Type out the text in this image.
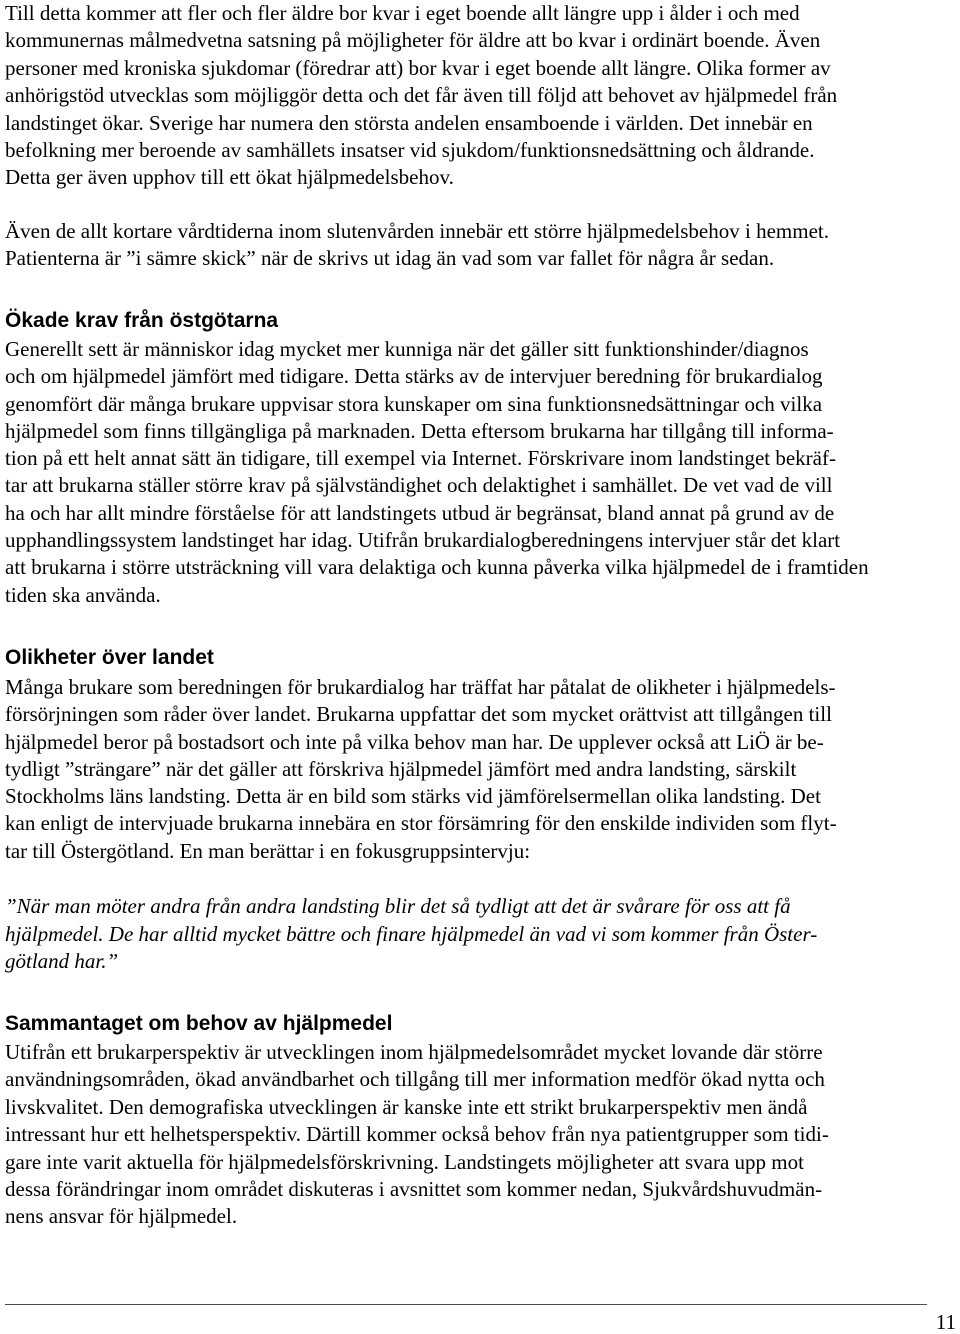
Till detta kommer att fler och fler äldre bor kvar i eget boende allt längre upp i ålder i och med
kommunernas målmedvetna satsning på möjligheter för äldre att bo kvar i ordinärt boende. Även
personer med kroniska sjukdomar (föredrar att) bor kvar i eget boende allt längre. Olika former av
anhörigstöd utvecklas som möjliggör detta och det får även till följd att behovet av hjälpmedel från
landstinget ökar. Sverige har numera den största andelen ensamboende i världen. Det innebär en
befolkning mer beroende av samhällets insatser vid sjukdom/funktionsnedsättning och åldrande.
Detta ger även upphov till ett ökat hjälpmedelsbehov.
Även de allt kortare vårdtiderna inom slutenvården innebär ett större hjälpmedelsbehov i hemmet.
Patienterna är ”i sämre skick” när de skrivs ut idag än vad som var fallet för några år sedan.
Ökade krav från östgötarna
Generellt sett är människor idag mycket mer kunniga när det gäller sitt funktionshinder/diagnos
och om hjälpmedel jämfört med tidigare. Detta stärks av de intervjuer beredning för brukardialog
genomfört där många brukare uppvisar stora kunskaper om sina funktionsnedsättningar och vilka
hjälpmedel som finns tillgängliga på marknaden. Detta eftersom brukarna har tillgång till informa-
tion på ett helt annat sätt än tidigare, till exempel via Internet. Förskrivare inom landstinget bekräf-
tar att brukarna ställer större krav på självständighet och delaktighet i samhället. De vet vad de vill
ha och har allt mindre förståelse för att landstingets utbud är begränsat, bland annat på grund av de
upphandlingssystem landstinget har idag. Utifrån brukardialogberedningens intervjuer står det klart
att brukarna i större utsträckning vill vara delaktiga och kunna påverka vilka hjälpmedel de i framtiden
tiden ska använda.
Olikheter över landet
Många brukare som beredningen för brukardialog har träffat har påtalat de olikheter i hjälpmedels-
försörjningen som råder över landet. Brukarna uppfattar det som mycket orättvist att tillgången till
hjälpmedel beror på bostadsort och inte på vilka behov man har. De upplever också att LiÖ är be-
tydligt ”strängare” när det gäller att förskriva hjälpmedel jämfört med andra landsting, särskilt
Stockholms läns landsting. Detta är en bild som stärks vid jämförelsermellan olika landsting. Det
kan enligt de intervjuade brukarna innebära en stor försämring för den enskilde individen som flyt-
tar till Östergötland. En man berättar i en fokusgruppsintervju:
”När man möter andra från andra landsting blir det så tydligt att det är svårare för oss att få
hjälpmedel. De har alltid mycket bättre och finare hjälpmedel än vad vi som kommer från Öster-
götland har.”
Sammantaget om behov av hjälpmedel
Utifrån ett brukarperspektiv är utvecklingen inom hjälpmedelsområdet mycket lovande där större
användningsområden, ökad användbarhet och tillgång till mer information medför ökad nytta och
livskvalitet. Den demografiska utvecklingen är kanske inte ett strikt brukarperspektiv men ändå
intressant hur ett helhetsperspektiv. Därtill kommer också behov från nya patientgrupper som tidi-
gare inte varit aktuella för hjälpmedelsförskrivning. Landstingets möjligheter att svara upp mot
dessa förändringar inom området diskuteras i avsnittet som kommer nedan, Sjukvårdshuvudmän-
nens ansvar för hjälpmedel.
11
